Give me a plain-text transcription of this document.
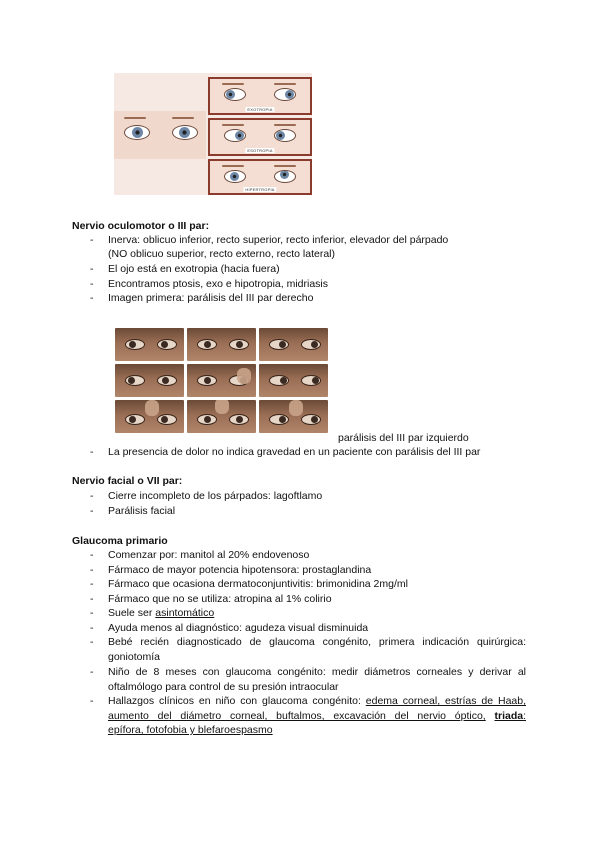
EXOTROPIA
ESOTROPIA
HIPERTROPIA
Nervio oculomotor o III par:
- Inerva: oblicuo inferior, recto superior, recto inferior, elevador del párpado
(NO oblicuo superior, recto externo, recto lateral)
- El ojo está en exotropia (hacia fuera)
- Encontramos ptosis, exo e hipotropia, midriasis
- Imagen primera: parálisis del III par derecho
parálisis del III par izquierdo
- La presencia de dolor no indica gravedad en un paciente con parálisis del III par
Nervio facial o VII par:
- Cierre incompleto de los párpados: lagoftlamo
- Parálisis facial
Glaucoma primario
- Comenzar por: manitol al 20% endovenoso
- Fármaco de mayor potencia hipotensora: prostaglandina
- Fármaco que ocasiona dermatoconjuntivitis: brimonidina 2mg/ml
- Fármaco que no se utiliza: atropina al 1% colirio
- Suele ser asintomático
- Ayuda menos al diagnóstico: agudeza visual disminuida
- Bebé recién diagnosticado de glaucoma congénito, primera indicación quirúrgica:
goniotomía
- Niño de 8 meses con glaucoma congénito: medir diámetros corneales y derivar al
oftalmólogo para control de su presión intraocular
- Hallazgos clínicos en niño con glaucoma congénito: edema corneal, estrías de Haab,
aumento del diámetro corneal, buftalmos, excavación del nervio óptico, triada:
epífora, fotofobia y blefaroespasmo
